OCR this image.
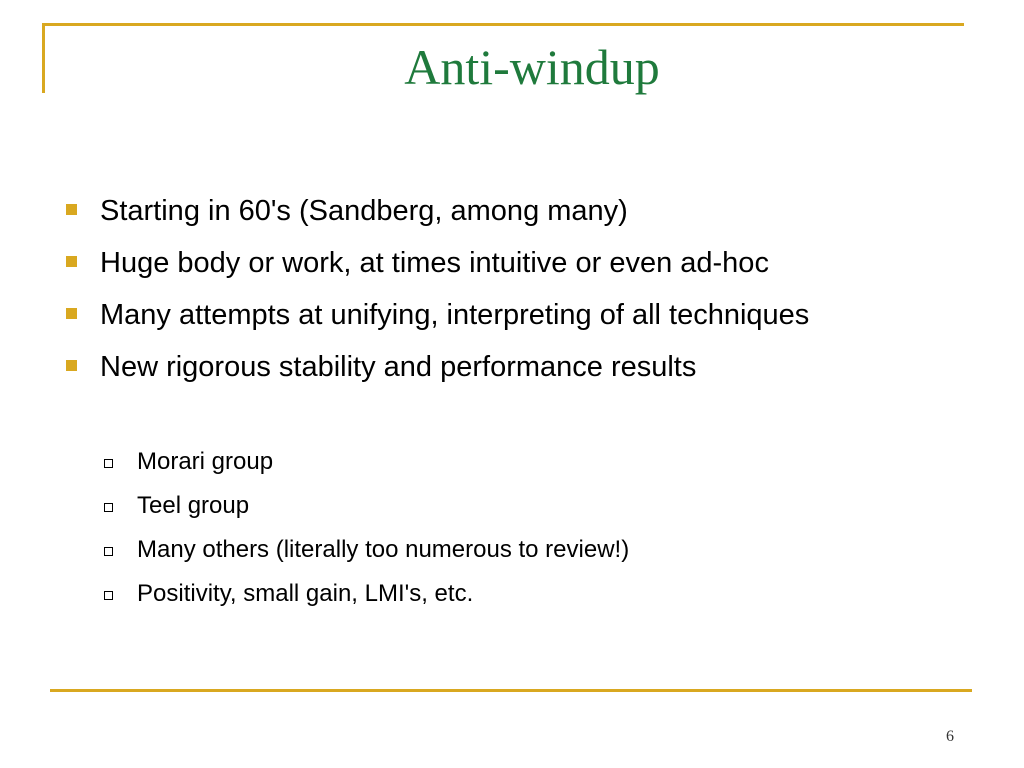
Anti-windup
Starting in 60's (Sandberg, among many)
Huge body or work, at times intuitive or even ad-hoc
Many attempts at unifying, interpreting of all techniques
New rigorous stability and performance results
Morari group
Teel group
Many others (literally too numerous to review!)
Positivity, small gain, LMI's, etc.
6
